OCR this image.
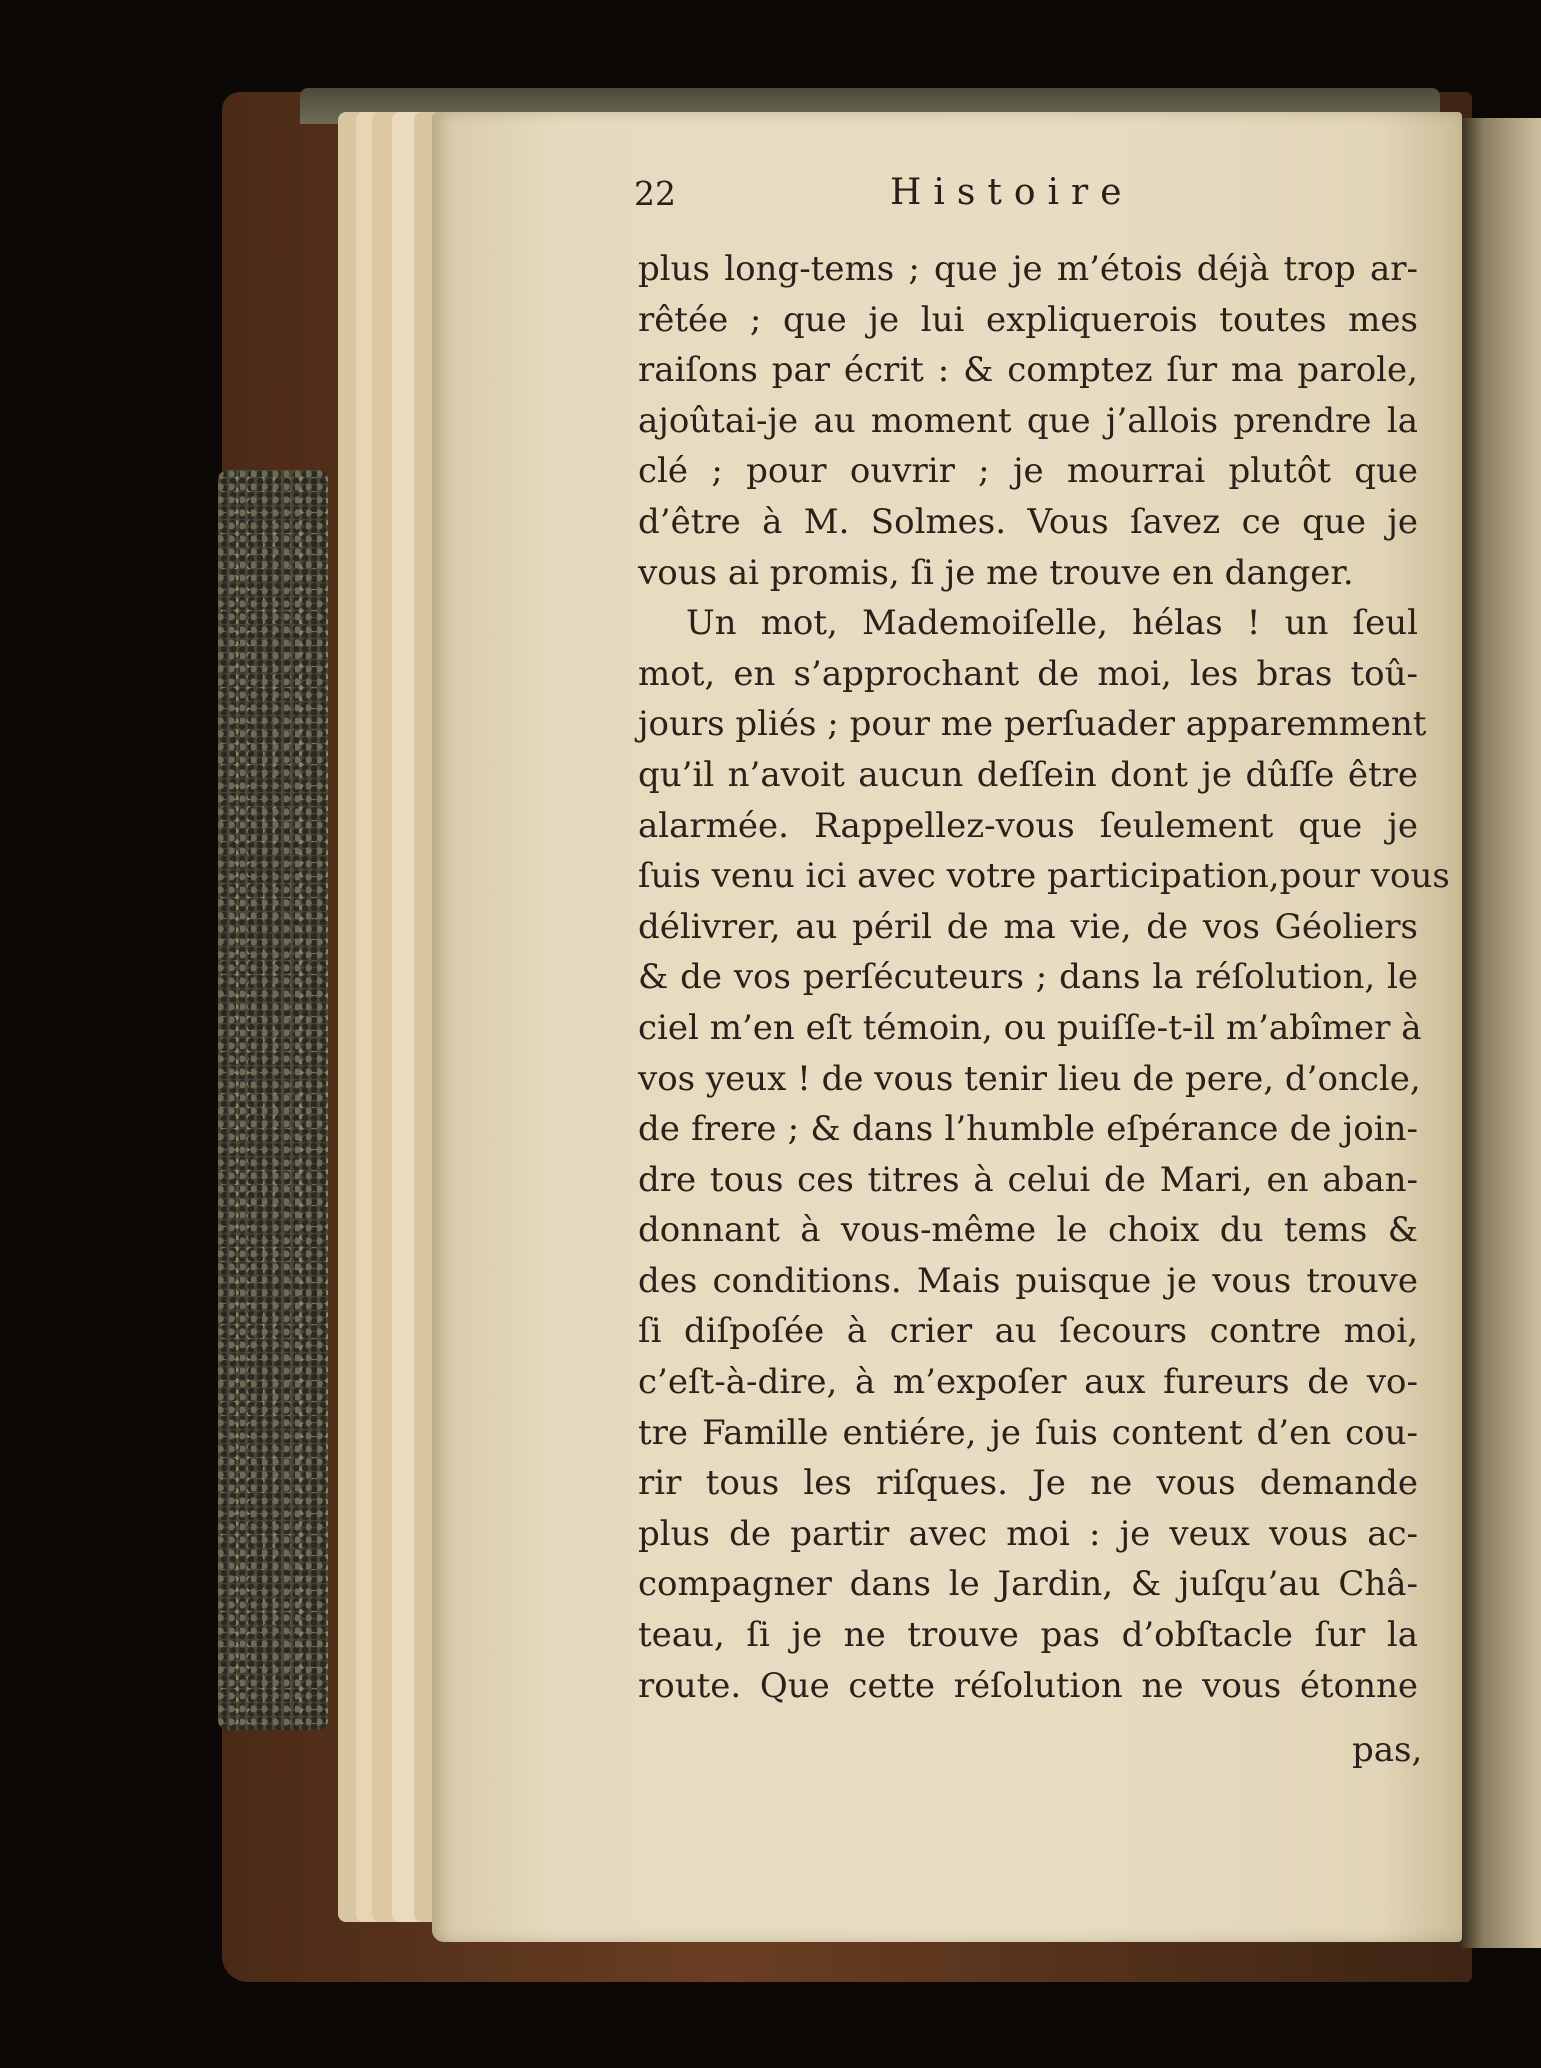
22	Histoire
plus long-tems ; que je m’étois déjà trop ar-
rêtée ; que je lui expliquerois toutes mes
raiſons par écrit : & comptez ſur ma parole,
ajoûtai-je au moment que j’allois prendre la
clé ; pour ouvrir ; je mourrai plutôt que
d’être à M. Solmes. Vous ſavez ce que je
vous ai promis, ſi je me trouve en danger.
Un mot, Mademoiſelle, hélas ! un ſeul
mot, en s’approchant de moi, les bras toû-
jours pliés ; pour me perſuader apparemment
qu’il n’avoit aucun deſſein dont je dûſſe être
alarmée. Rappellez-vous ſeulement que je
ſuis venu ici avec votre participation,pour vous
délivrer, au péril de ma vie, de vos Géoliers
& de vos perſécuteurs ; dans la réſolution, le
ciel m’en eſt témoin, ou puiſſe-t-il m’abîmer à
vos yeux ! de vous tenir lieu de pere, d’oncle,
de frere ; & dans l’humble eſpérance de join-
dre tous ces titres à celui de Mari, en aban-
donnant à vous-même le choix du tems &
des conditions. Mais puisque je vous trouve
ſi diſpoſée à crier au ſecours contre moi,
c’eſt-à-dire, à m’expoſer aux fureurs de vo-
tre Famille entiére, je ſuis content d’en cou-
rir tous les riſques. Je ne vous demande
plus de partir avec moi : je veux vous ac-
compagner dans le Jardin, & juſqu’au Châ-
teau, ſi je ne trouve pas d’obſtacle ſur la
route. Que cette réſolution ne vous étonne
pas,
